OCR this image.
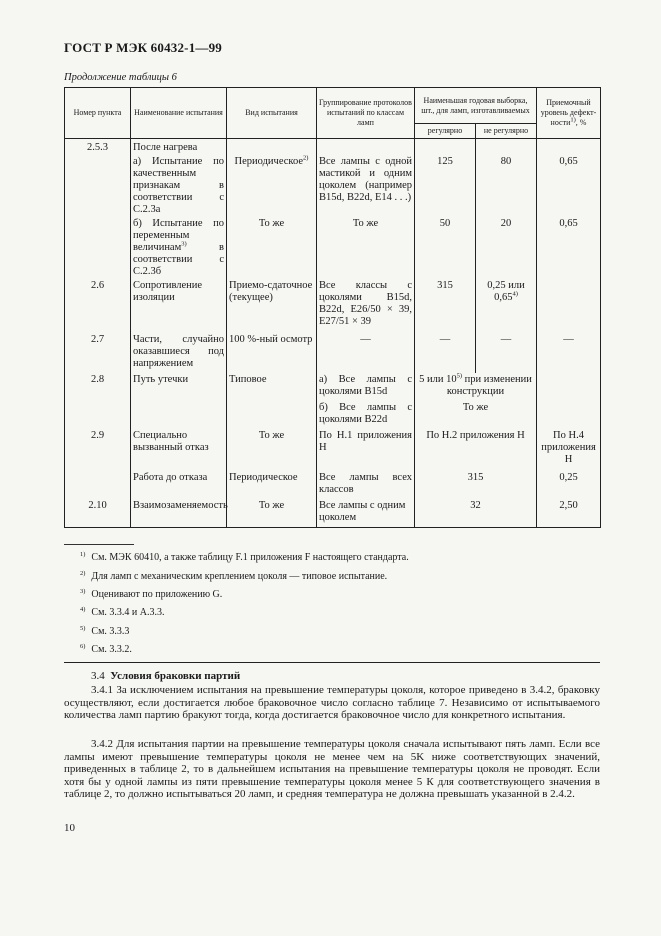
ГОСТ Р МЭК 60432-1—99
Продолжение таблицы 6
Номер пункта	Наименование испытания	Вид испытания	Группирование протоколов испытаний по классам ламп	Наименьшая годовая выборка, шт., для ламп, изготавливаемых		Приемочный уровень дефект-ности$^{1)}$, %
				регулярно	не регулярно	
2.5.3	После нагрева					
	а) Испытание по качественным признакам в соответствии с С.2.3а	Периодическое$^{2)}$	Все лампы с одной мастикой и одним цоколем (например B15d, B22d, E14 . . .)	125	80	0,65
	б) Испытание по переменным величинам$^{3)}$ в соответствии с С.2.3б	То же	То же	50	20	0,65
2.6	Сопротивление изоляции	Приемо-сдаточное (текущее)	Все классы с цоколями B15d, B22d, E26/50 × 39, E27/51 × 39	315	0,25 или 0,65$^{4)}$	
2.7	Части, случайно оказавшиеся под напряжением	100 %-ный осмотр	—	—	—	—
2.8	Путь утечки	Типовое	а) Все лампы с цоколями B15d	5 или 10$^{5)}$ при изменении конструкции		
			б) Все лампы с цоколями B22d	То же		
2.9	Специально вызванный отказ	То же	По Н.1 приложения Н	По Н.2 приложения Н		По Н.4 приложения Н
	Работа до отказа	Периодическое	Все лампы всех классов	315		0,25
2.10	Взаимозаменяемость	То же	Все лампы с одним цоколем	32		2,50
$^{1)}$ См. МЭК 60410, а также таблицу F.1 приложения F настоящего стандарта.
$^{2)}$ Для ламп с механическим креплением цоколя — типовое испытание.
$^{3)}$ Оценивают по приложению G.
$^{4)}$ См. 3.3.4 и А.3.3.
$^{5)}$ См. 3.3.3
$^{6)}$ См. 3.3.2.
3.4 Условия браковки партий
3.4.1 За исключением испытания на превышение температуры цоколя, которое приведено в 3.4.2, браковку осуществляют, если достигается любое браковочное число согласно таблице 7. Независимо от испытываемого количества ламп партию бракуют тогда, когда достигается браковочное число для конкретного испытания.
3.4.2 Для испытания партии на превышение температуры цоколя сначала испытывают пять ламп. Если все лампы имеют превышение температуры цоколя не менее чем на 5K ниже соответствующих значений, приведенных в таблице 2, то в дальнейшем испытания на превышение температуры цоколя не проводят. Если хотя бы у одной лампы из пяти превышение температуры цоколя менее 5 К для соответствующего значения в таблице 2, то должно испытываться 20 ламп, и средняя температура не должна превышать указанной в 2.4.2.
10
